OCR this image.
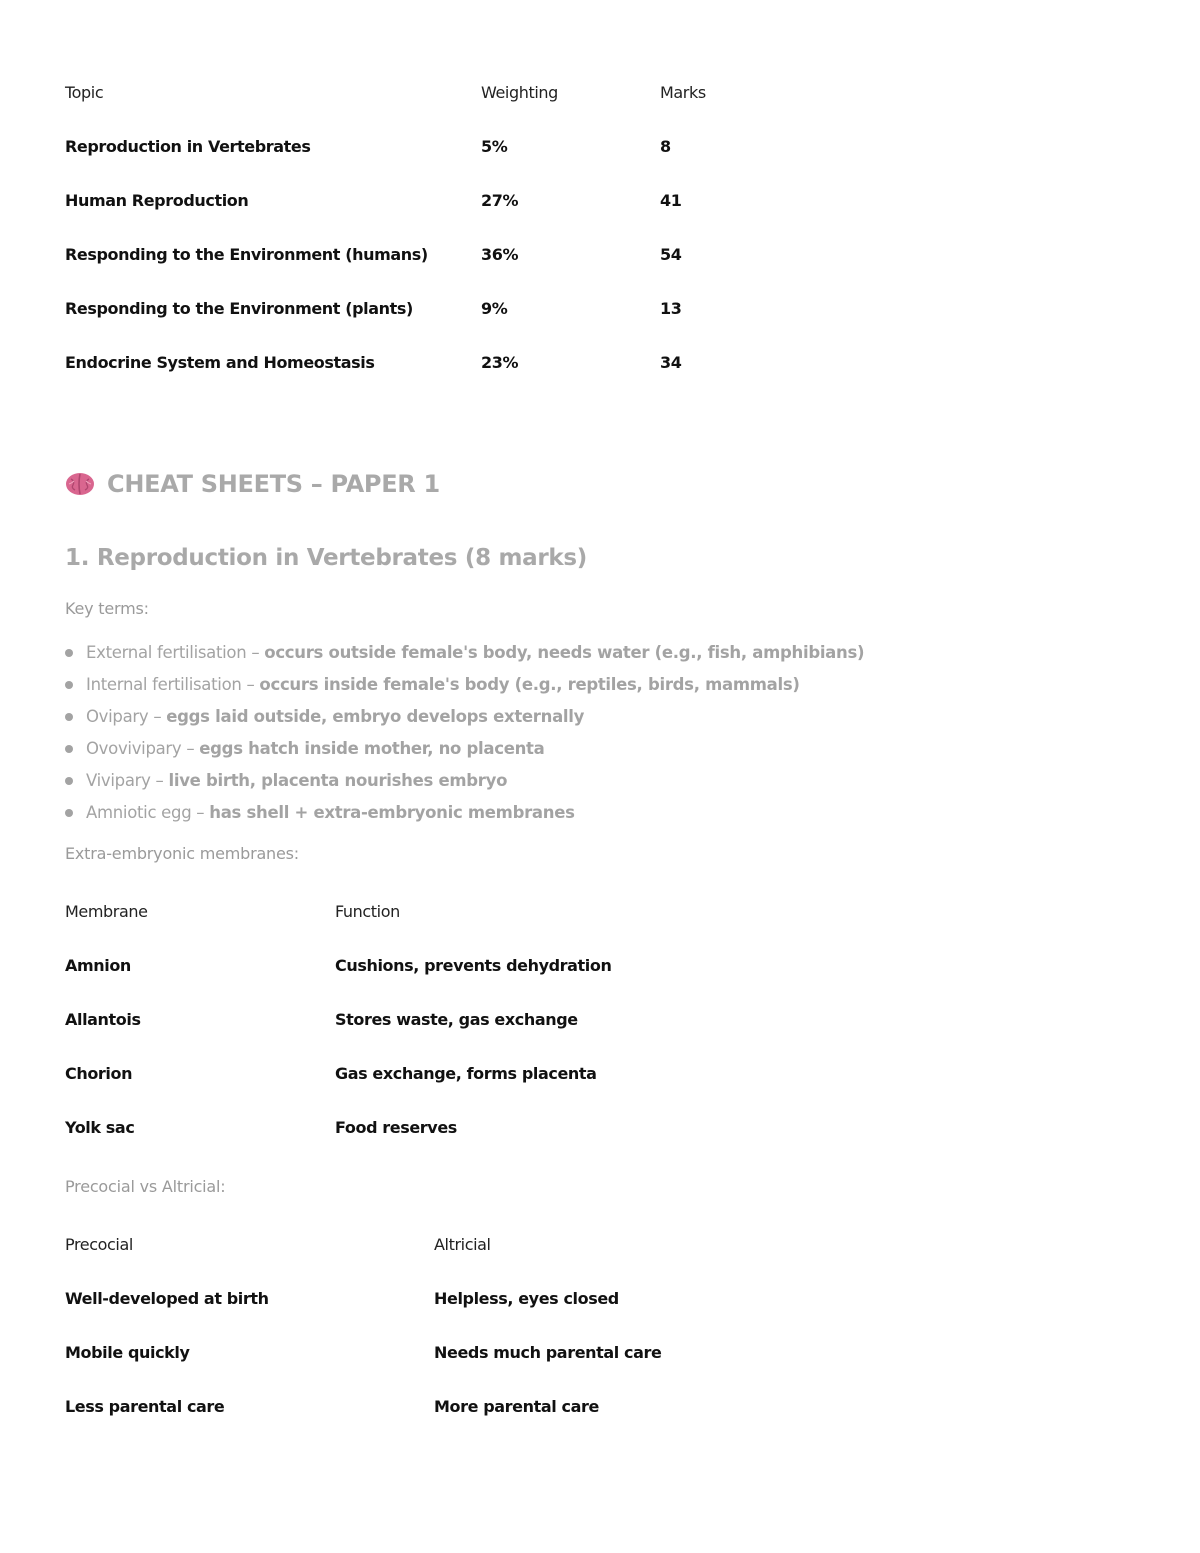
Topic	Weighting	Marks
Reproduction in Vertebrates	5%	8
Human Reproduction	27%	41
Responding to the Environment (humans)	36%	54
Responding to the Environment (plants)	9%	13
Endocrine System and Homeostasis	23%	34
CHEAT SHEETS – PAPER 1
1. Reproduction in Vertebrates (8 marks)
Key terms:
External fertilisation – occurs outside female's body, needs water (e.g., fish, amphibians)
Internal fertilisation – occurs inside female's body (e.g., reptiles, birds, mammals)
Ovipary – eggs laid outside, embryo develops externally
Ovovivipary – eggs hatch inside mother, no placenta
Vivipary – live birth, placenta nourishes embryo
Amniotic egg – has shell + extra-embryonic membranes
Extra-embryonic membranes:
Membrane	Function
Amnion	Cushions, prevents dehydration
Allantois	Stores waste, gas exchange
Chorion	Gas exchange, forms placenta
Yolk sac	Food reserves
Precocial vs Altricial:
Precocial	Altricial
Well-developed at birth	Helpless, eyes closed
Mobile quickly	Needs much parental care
Less parental care	More parental care
